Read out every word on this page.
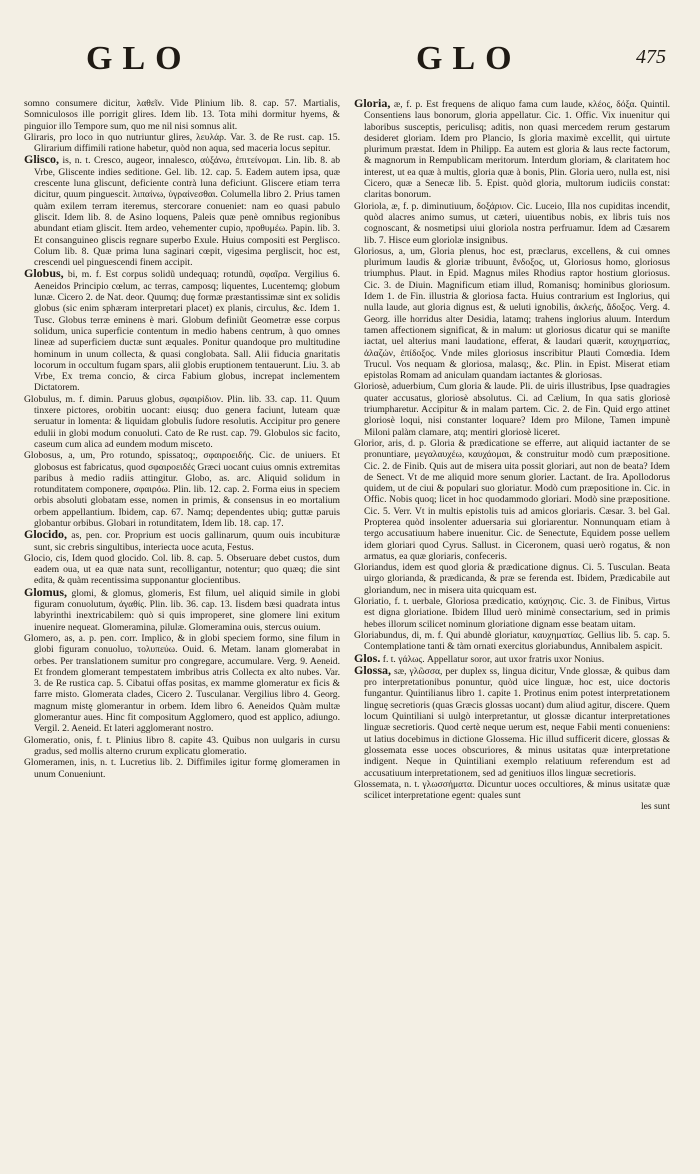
GLO	GLO	475

somno consumere dicitur, λαθεῖν. Vide Plinium lib. 8. cap. 57. Martialis, Somniculosos ille porrigit glires. Idem lib. 13. Tota mihi dormitur hyems, & pinguior illo Tempore sum, quo me nil nisi somnus alit.

Gliraris, pro loco in quo nutriuntur glires, λευλάρ. Var. 3. de Re rust. cap. 15. Glirarium diffimili ratione habetur, quòd non aqua, sed maceria locus sepitur.

Glisco, is, n. t. Cresco, augeor, innalesco, αὐξάνω, ἐπιτείνομαι. Lin. lib. 8. ab Vrbe, Gliscente indies seditione. Gel. lib. 12. cap. 5. Eadem autem ipsa, quæ crescente luna gliscunt, deficiente contrà luna deficiunt. Gliscere etiam terra dicitur, quum pinguescit. λιπαίνω, ὑγραίνεσθαι. Columella libro 2. Prius tamen quàm exilem terram iteremus, stercorare conueniet: nam eo quasi pabulo gliscit. Idem lib. 8. de Asino loquens, Paleis quæ penè omnibus regionibus abundant etiam gliscit. Item ardeo, vehementer cupio, προθυμέω. Papin. lib. 3. Et consanguineo gliscis regnare superbo Exule. Huius compositi est Pergliscο. Colum lib. 8. Quæ prima luna saginari cœpit, vigesima pergliscit, hoc est, crescendi uel pinguescendi finem accipit.

Globus, bi, m. f. Est corpus solidũ undequaq; rotundũ, σφαῖρα. Vergilius 6. Aeneidos Principio cœlum, ac terras, camposq; liquentes, Lucentemq; globum lunæ. Cicero 2. de Nat. deor. Quumq; duę formæ præstantissimæ sint ex solidis globus (sic enim sphæram interpretari placet) ex planis, circulus, &c. Idem 1. Tusc. Globus terræ eminens è mari. Globum definiũt Geometræ esse corpus solidum, unica superficie contentum in medio habens centrum, à quo omnes lineæ ad superficiem ductæ sunt æquales. Ponitur quandoque pro multitudine hominum in unum collecta, & quasi conglobata. Sall. Alii fiducia gnaritatis locorum in occultum fugam spars, alii globis eruptionem tentauerunt. Liu. 3. ab Vrbe, Ex trema concio, & circa Fabium globus, increpat inclementem Dictatorem.

Globulus, m. f. dimin. Paruus globus, σφαιρίδιον. Plin. lib. 33. cap. 11. Quum tinxere pictores, orobitin uocant: eiusq; duo genera faciunt, luteam quæ seruatur in lomenta: & liquidam globulis ſudore resolutis. Accipitur pro genere edulii in globi modum conuoluti. Cato de Re rust. cap. 79. Globulos sic facito, caseum cum alica ad eundem modum misceto.

Globosus, a, um, Pro rotundo, spissatoq;, σφαιροειδής. Cic. de uniuers. Et globosus est fabricatus, quod σφαιροειδές Græci uocant cuius omnis extremitas paribus à medio radiis attingitur. Globo, as. arc. Aliquid solidum in rotunditatem componere, σφαιρόω. Plin. lib. 12. cap. 2. Forma eius in speciem orbis absoluti globatam esse, nomen in primis, & consensus in eo mortalium orbem appellantium. Ibidem, cap. 67. Namq; dependentes ubiq; guttæ paruis globantur orbibus. Globari in rotunditatem, Idem lib. 18. cap. 17.

Glocido, as, pen. cor. Proprium est uocis gallinarum, quum ouis incubituræ sunt, sic crebris singultibus, interiecta uoce acuta, Festus.

Glocio, cis, Idem quod glocido. Col. lib. 8. cap. 5. Obseruare debet custos, dum eadem oua, ut ea quæ nata sunt, recolligantur, notentur; quo quæq; die sint edita, & quàm recentissima supponantur glocientibus.

Glomus, glomi, & glomus, glomeris, Est filum, uel aliquid simile in globi figuram conuolutum, ἀγαθίς. Plin. lib. 36. cap. 13. Iisdem bæsi quadrata intus labyrinthi inextricabilem: quò si quis improperet, sine glomere lini exitum inuenire nequeat. Glomeramina, pilulæ. Glomeramina ouis, stercus ouium.

Glomero, as, a. p. pen. corr. Implico, & in globi speciem formo, sine filum in globi figuram conuoluo, τολυπεύω. Ouid. 6. Metam. lanam glomerabat in orbes. Per translationem sumitur pro congregare, accumulare. Verg. 9. Aeneid. Et frondem glomerant tempestatem imbribus atris Collecta ex alto nubes. Var. 3. de Re rustica cap. 5. Cibatui offas positas, ex mamme glomeratur ex ficis & farre mistο. Glomerata clades, Cicero 2. Tusculanar. Vergilius libro 4. Georg. magnum mistę glomerantur in orbem. Idem libro 6. Aeneidos Quàm multæ glomerantur aues. Hinc fit compositum Agglomero, quod est applico, adiungo. Vergil. 2. Aeneid. Et lateri agglomerant nostro.

Glomeratio, onis, f. t. Plinius libro 8. capite 43. Quibus non uulgaris in cursu gradus, sed mollis alterno crurum explicatu glomeratio.

Glomeramen, inis, n. t. Lucretius lib. 2. Diffimiles igitur formę glomeramen in unum Conueniunt.

Gloria, æ, f. p. Est frequens de aliquo fama cum laude, κλέος, δόξα. Quintil. Consentiens laus bonorum, gloria appellatur. Cic. 1. Offic. Vix inuenitur qui laboribus susceptis, periculisq; aditis, non quasi mercedem rerum gestarum desideret gloriam. Idem pro Plancio, Is gloria maximè excellit, qui uirtute plurimum præstat. Idem in Philipp. Ea autem est gloria & laus recte factorum, & magnorum in Rempublicam meritorum. Interdum gloriam, & claritatem hoc interest, ut ea quæ à multis, gloria quæ à bonis, Plin. Gloria uero, nulla est, nisi Cicero, quæ a Senecæ lib. 5. Epist. quòd gloria, multorum iudiciis constat: claritas bonorum.

Gloriola, æ, f. p. diminutiuum, δοξάριον. Cic. Luceio, Illa nos cupiditas incendit, quòd alacres animo sumus, ut cæteri, uiuentibus nobis, ex libris tuis nos cognoscant, & nosmetipsi uiui gloriola nostra perfruamur. Idem ad Cæsarem lib. 7. Hisce eum gloriolæ insignibus.

Gloriosus, a, um, Gloria plenus, hoc est, præclarus, excellens, & cui omnes plurimum laudis & gloriæ tribuunt, ἔνδοξος, ut, Gloriosus homo, gloriosus triumphus. Plaut. in Epid. Magnus miles Rhodius raptor hostium gloriosus. Cic. 3. de Diuin. Magnificum etiam illud, Romanisq; hominibus gloriosum. Idem 1. de Fin. illustria & gloriosa facta. Huius contrarium est Inglorius, qui nulla laude, aut gloria dignus est, & ueluti ignobilis, ἀκλεής, ἄδοξος. Verg. 4. Georg. ille horridus alter Desidia, latamq; trahens inglorius aluum. Interdum tamen affectionem significat, & in malum: ut gloriosus dicatur qui se maniſte iactat, uel alterius mani laudationε, efferat, & laudari quærit, καυχηματίας, ἀλαζών, ἐπίδοξος. Vnde miles gloriosus inscribitur Plauti Comœdia. Idem Trucul. Vos nequam & gloriosa, malasq;, &c. Plin. in Epist. Miserat etiam epistolas Romam ad aniculam quandam iactantes & gloriosas.

Gloriosè, aduerbium, Cum gloria & laude. Pli. de uiris illustribus, Ipse quadragies quater accusatus, gloriosè absolutus. Ci. ad Cælium, In qua satis gloriosè triumpharetur. Accipitur & in malam partem. Cic. 2. de Fin. Quid ergo attinet gloriosè loqui, nisi constanter loquare? Idem pro Milone, Tamen impunè Miloni palàm clamare, atq; mentiri gloriosè liceret.

Glorior, aris, d. p. Gloria & prædicatione se efferre, aut aliquid iactanter de se pronuntiare, μεγαλαυχέω, καυχάομαι, & construitur modò cum præpositione. Cic. 2. de Finib. Quis aut de misera uita possit gloriari, aut non de beata? Idem de Senect. Vt de me aliquid more senum glorier. Lactant. de Ira. Apollodorus quidem, ut de ciui & populari suo gloriatur. Modò cum præpositione in. Cic. in Offic. Nobis quoq; licet in hoc quodammodo gloriari. Modò sine præpositione. Cic. 5. Verr. Vt in multis epistolis tuis ad amicos gloriaris. Cæsar. 3. bel Gal. Propterea quòd insolenter aduersaria sui gloriarentur. Nonnunquam etiam à tergo accusatiuum habere inuenitur. Cic. de Senectute, Equidem posse uellem idem gloriari quod Cyrus. Sallust. in Ciceronem, quasi uerò rogatus, & non armatus, ea quæ gloriaris, confeceris.

Gloriandus, idem est quod gloria & prædicatione dignus. Ci. 5. Tusculan. Beata uirgo glorianda, & prædicanda, & præ se ferenda est. Ibidem, Prædicabile aut gloriandum, nec in misera uita quicquam est.

Gloriatio, f. t. uerbale, Gloriosa prædicatio, καύχησις. Cic. 3. de Finibus, Virtus est digna gloriatione. Ibidem Illud uerò minimè consectarium, sed in primis hebes illorum scilicet nominum gloriatione dignam esse beatam uitam.

Gloriabundus, di, m. f. Qui abundè gloriatur, καυχηματίας. Gellius lib. 5. cap. 5. Contemplatione tanti & tàm ornati exercitus gloriabundus, Annibalem aspicit.

Glos. f. t. γάλως. Appellatur soror, aut uxor fratris uxor Nonius.

Glossa, sæ, γλῶσσα, per duplex ss, lingua dicitur, Vnde glossæ, & quibus dam pro interpretationibus ponuntur, quòd uice linguæ, hoc est, uice doctoris fungantur. Quintilianus libro 1. capite 1. Protinus enim potest interpretationem linguę secretioris (quas Græcis glossas uocant) dum aliud agitur, discere. Quem locum Quintiliani si uulgò interpretantur, ut glossæ dicantur interpretationes linguæ secretioris. Quod certè neque uerum est, neque Fabii menti conueniens: ut latius docebimus in dictione Glossema. Hic illud sufficerit dicere, glossas & glossemata esse uoces obscuriores, & minus usitatas quæ interpretatione indigent. Neque in Quintiliani exemplo relatiuum referendum est ad accusatiuum interpretationem, sed ad genitiuos illos linguæ secretioris.

Glossemata, n. t. γλωσσήματα. Dicuntur uoces occultiores, & minus usitatæ quæ scilicet interpretatione egent: quales sunt

les sunt
